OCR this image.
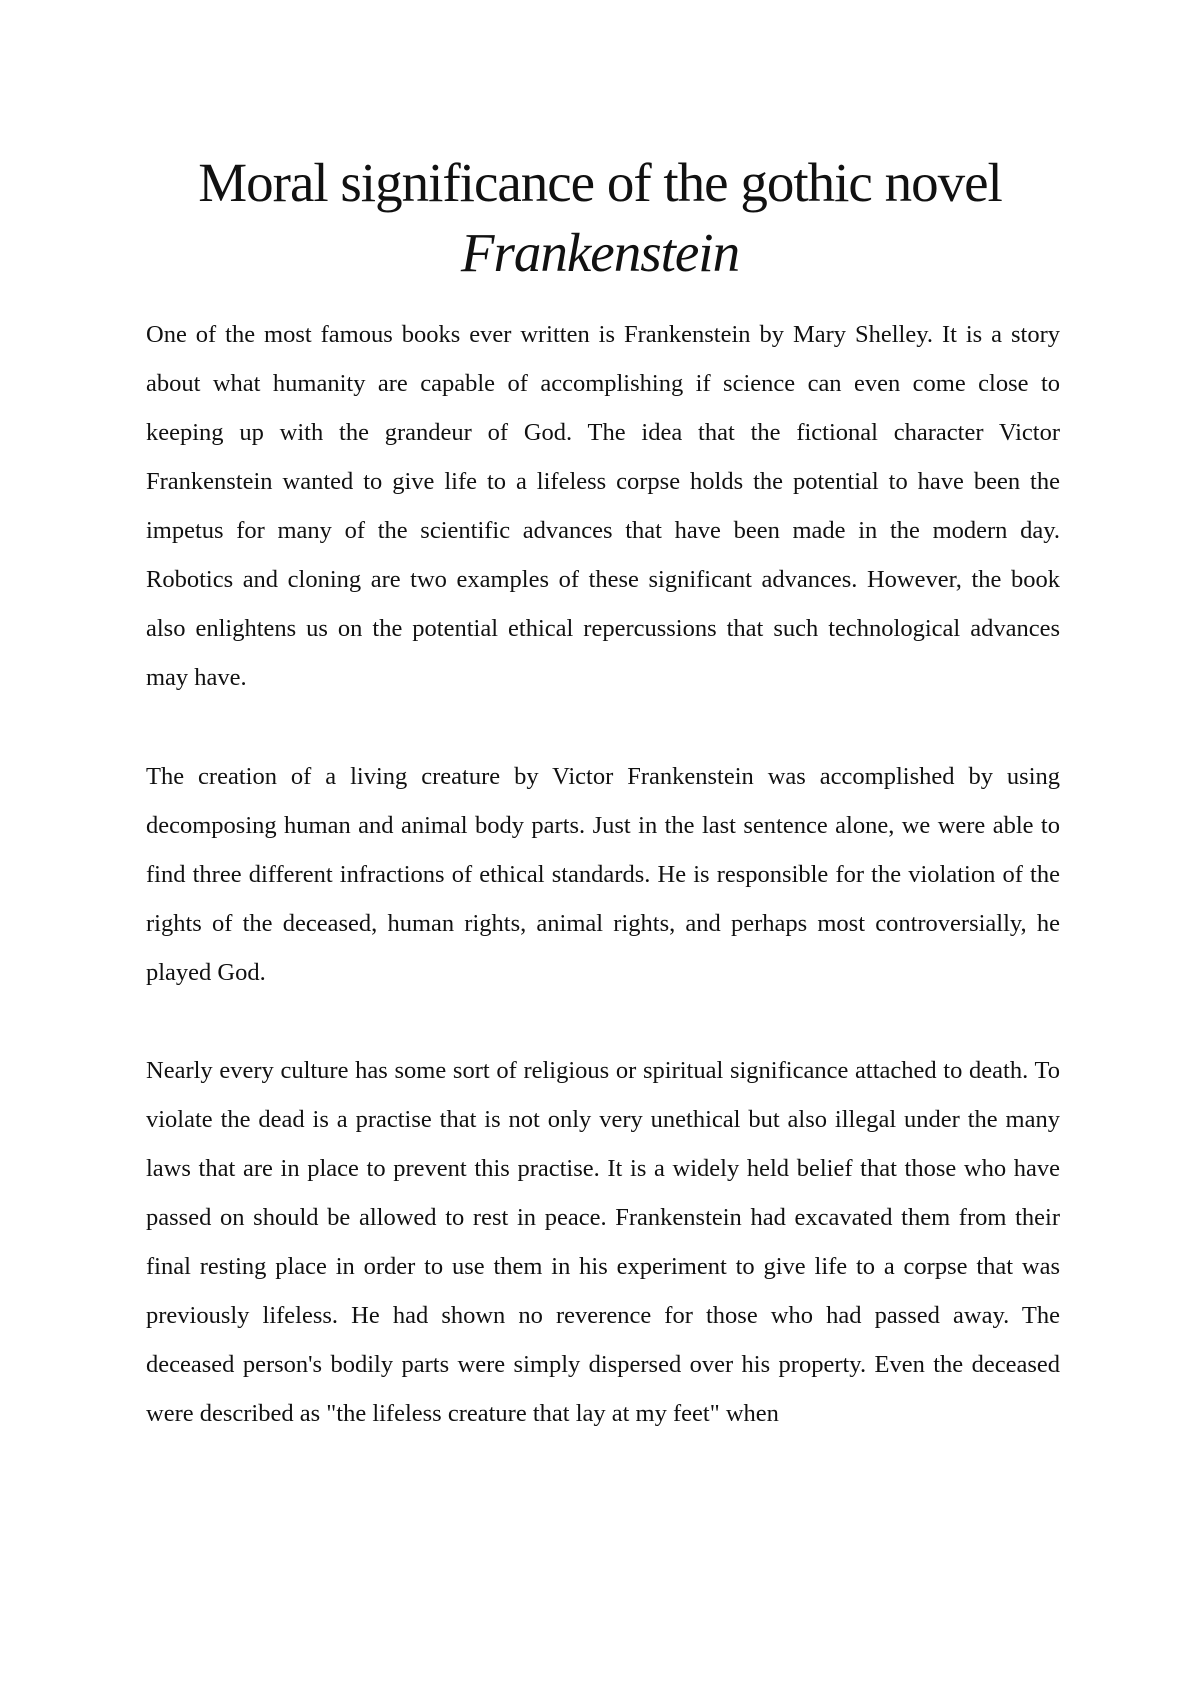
Moral significance of the gothic novel
Frankenstein
One of the most famous books ever written is Frankenstein by Mary Shelley. It is a story about what humanity are capable of accomplishing if science can even come close to keeping up with the grandeur of God. The idea that the fictional character Victor Frankenstein wanted to give life to a lifeless corpse holds the potential to have been the impetus for many of the scientific advances that have been made in the modern day. Robotics and cloning are two examples of these significant advances. However, the book also enlightens us on the potential ethical repercussions that such technological advances may have.
The creation of a living creature by Victor Frankenstein was accomplished by using decomposing human and animal body parts. Just in the last sentence alone, we were able to find three different infractions of ethical standards. He is responsible for the violation of the rights of the deceased, human rights, animal rights, and perhaps most controversially, he played God.
Nearly every culture has some sort of religious or spiritual significance attached to death. To violate the dead is a practise that is not only very unethical but also illegal under the many laws that are in place to prevent this practise. It is a widely held belief that those who have passed on should be allowed to rest in peace. Frankenstein had excavated them from their final resting place in order to use them in his experiment to give life to a corpse that was previously lifeless. He had shown no reverence for those who had passed away. The deceased person's bodily parts were simply dispersed over his property. Even the deceased were described as "the lifeless creature that lay at my feet" when
